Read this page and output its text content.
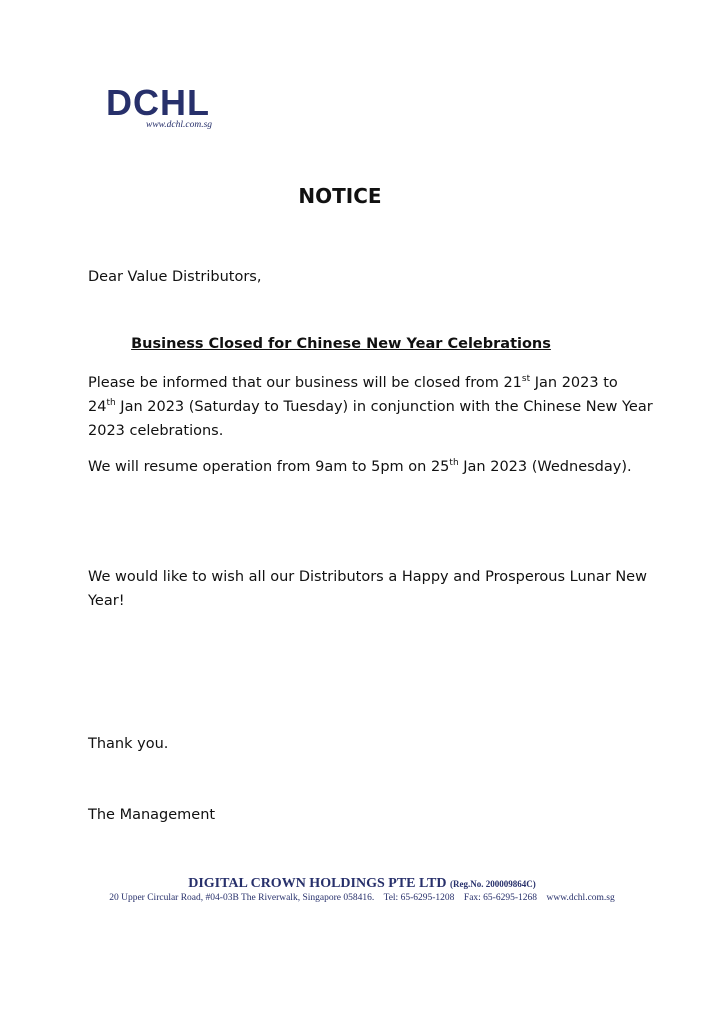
DCHL
www.dchl.com.sg
NOTICE
Dear Value Distributors,
Business Closed for Chinese New Year Celebrations
Please be informed that our business will be closed from 21st Jan 2023 to
24th Jan 2023 (Saturday to Tuesday) in conjunction with the Chinese New Year
2023 celebrations.
We will resume operation from 9am to 5pm on 25th Jan 2023 (Wednesday).
We would like to wish all our Distributors a Happy and Prosperous Lunar New
Year!
Thank you.
The Management
DIGITAL CROWN HOLDINGS PTE LTD (Reg.No. 200009864C)
20 Upper Circular Road, #04-03B The Riverwalk, Singapore 058416. Tel: 65-6295-1208 Fax: 65-6295-1268 www.dchl.com.sg
